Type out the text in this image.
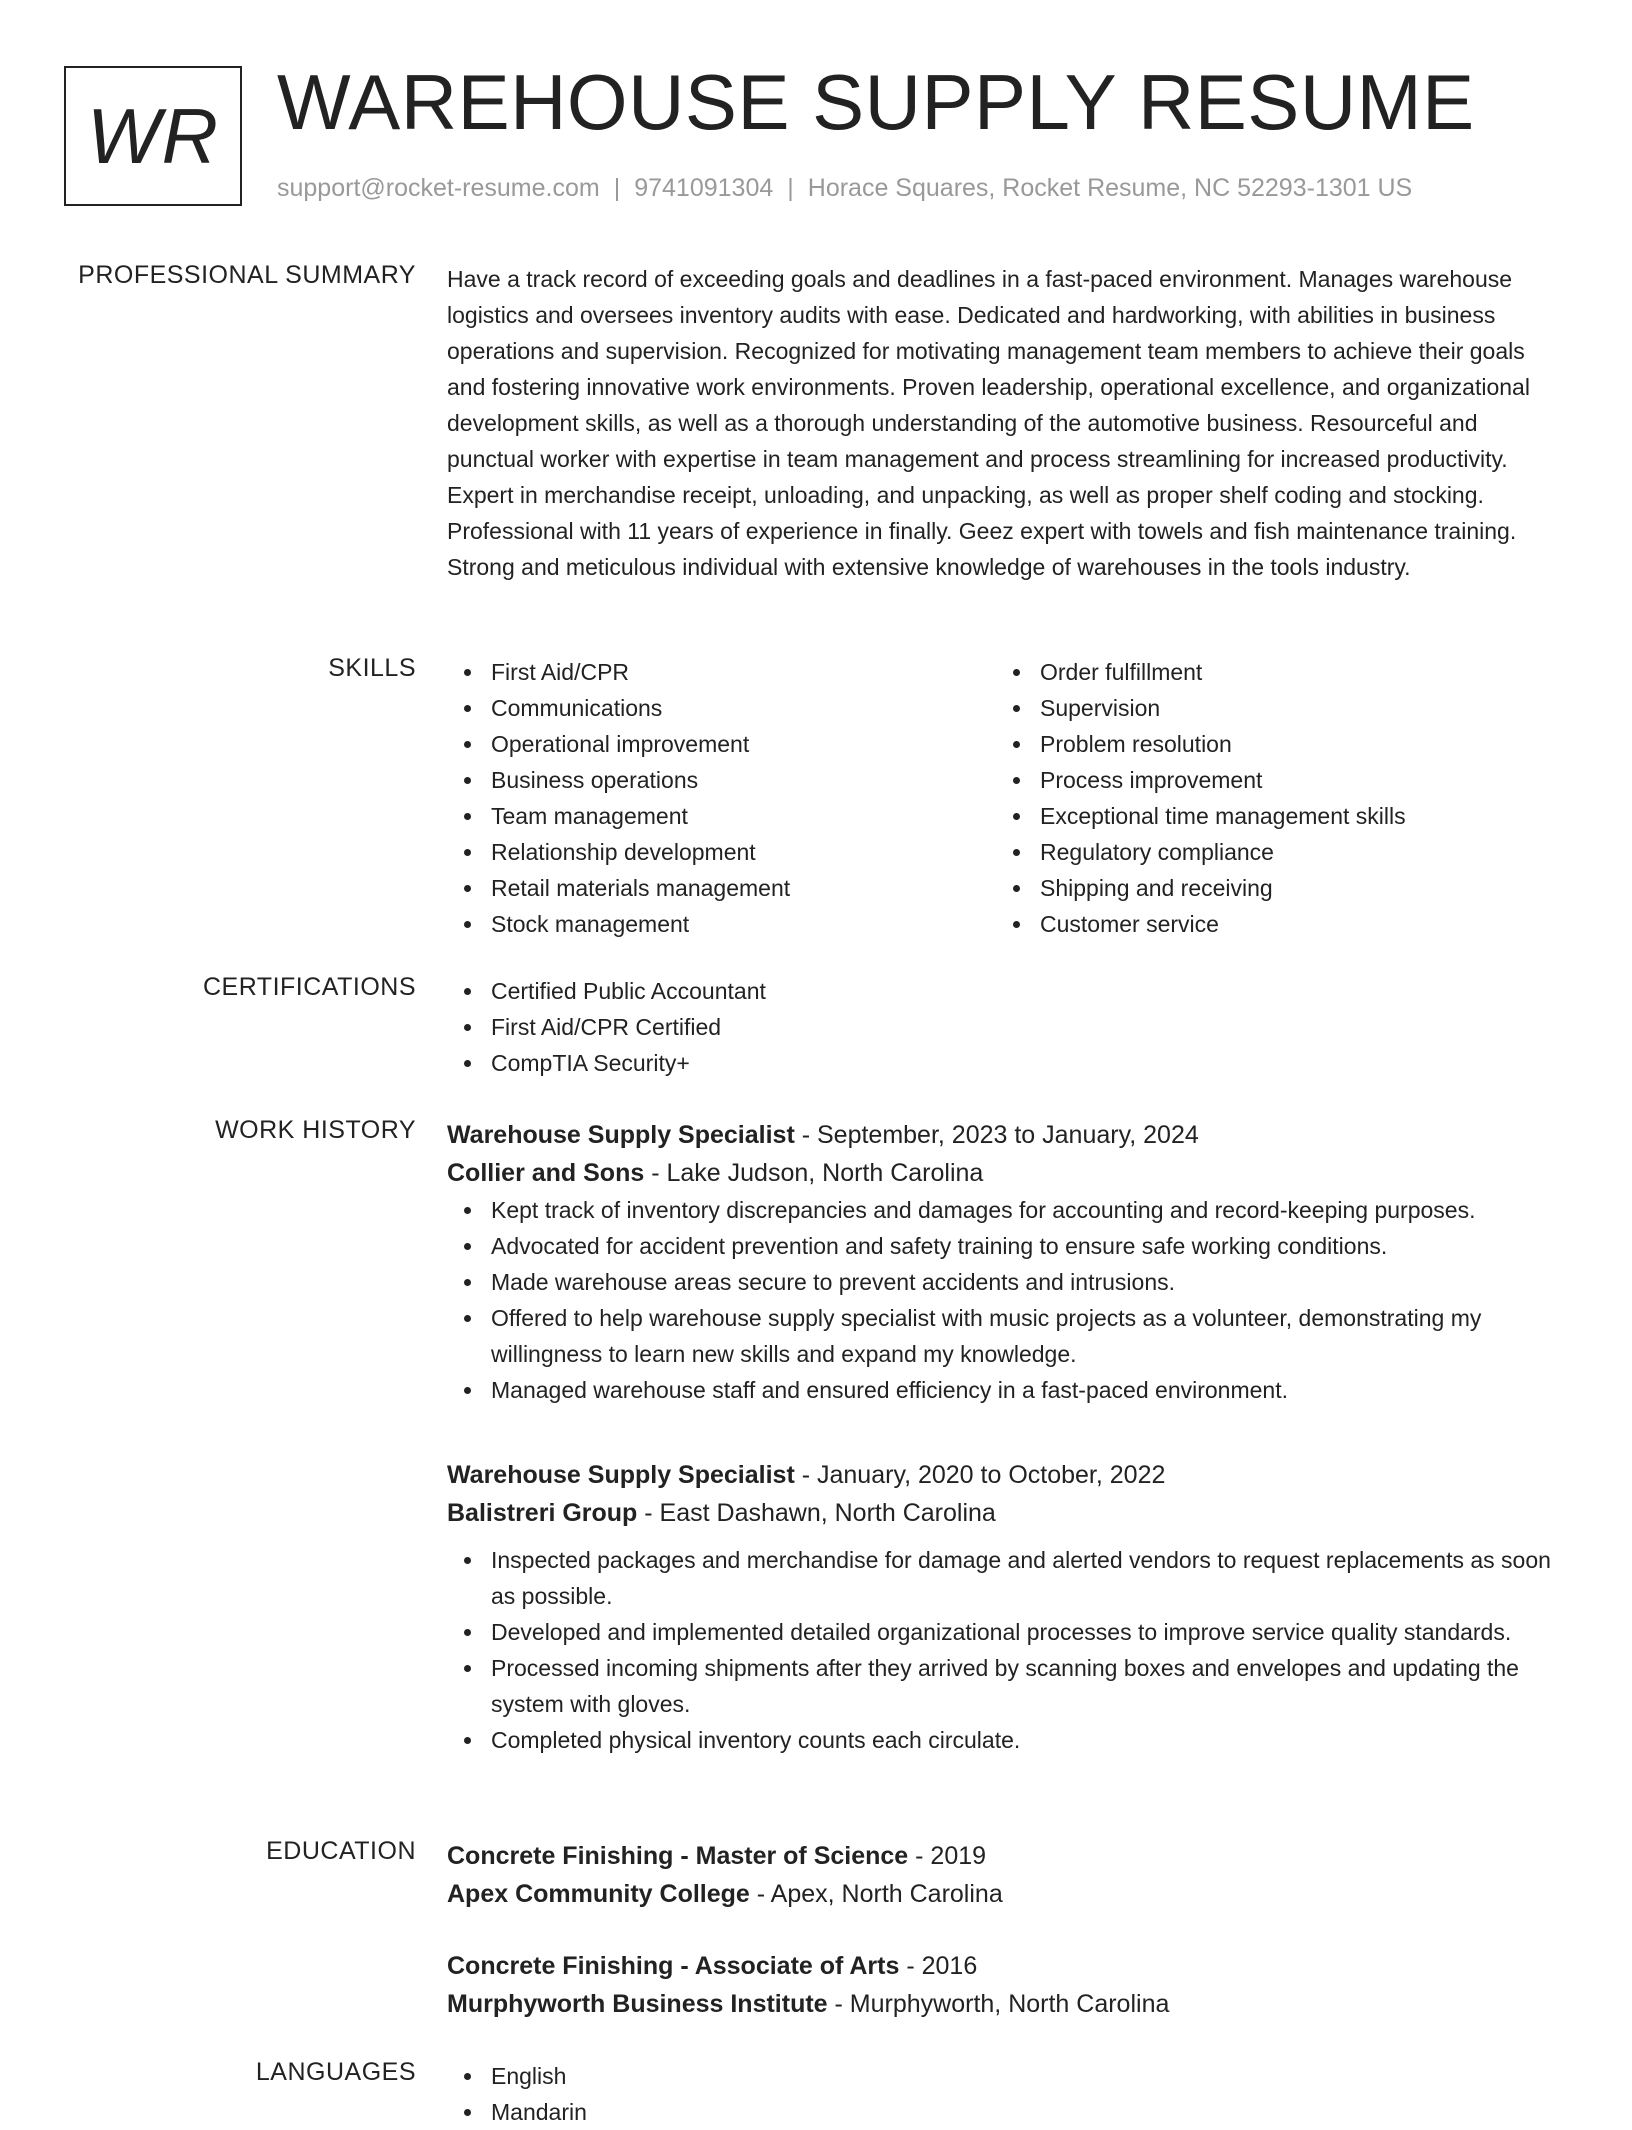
WR WAREHOUSE SUPPLY RESUME
support@rocket-resume.com | 9741091304 | Horace Squares, Rocket Resume, NC 52293-1301 US
PROFESSIONAL SUMMARY Have a track record of exceeding goals and deadlines in a fast-paced environment. Manages warehouse logistics and oversees inventory audits with ease. Dedicated and hardworking, with abilities in business operations and supervision. Recognized for motivating management team members to achieve their goals and fostering innovative work environments. Proven leadership, operational excellence, and organizational development skills, as well as a thorough understanding of the automotive business. Resourceful and punctual worker with expertise in team management and process streamlining for increased productivity. Expert in merchandise receipt, unloading, and unpacking, as well as proper shelf coding and stocking. Professional with 11 years of experience in finally. Geez expert with towels and fish maintenance training. Strong and meticulous individual with extensive knowledge of warehouses in the tools industry.

SKILLS	First Aid/CPR
Communications
Operational improvement
Business operations
Team management
Relationship development
Retail materials management
Stock management
Order fulfillment
Supervision
Problem resolution
Process improvement
Exceptional time management skills
Regulatory compliance
Shipping and receiving
Customer service
CERTIFICATIONS	Certified Public Accountant
First Aid/CPR Certified
CompTIA Security+
WORK HISTORY Warehouse Supply Specialist - September, 2023 to January, 2024
Collier and Sons - Lake Judson, North Carolina
Kept track of inventory discrepancies and damages for accounting and record-keeping purposes.
Advocated for accident prevention and safety training to ensure safe working conditions.
Made warehouse areas secure to prevent accidents and intrusions.
Offered to help warehouse supply specialist with music projects as a volunteer, demonstrating my willingness to learn new skills and expand my knowledge.
Managed warehouse staff and ensured efficiency in a fast-paced environment.
Warehouse Supply Specialist - January, 2020 to October, 2022
Balistreri Group - East Dashawn, North Carolina
Inspected packages and merchandise for damage and alerted vendors to request replacements as soon as possible.
Developed and implemented detailed organizational processes to improve service quality standards.
Processed incoming shipments after they arrived by scanning boxes and envelopes and updating the system with gloves.
Completed physical inventory counts each circulate.
EDUCATION Concrete Finishing - Master of Science - 2019
Apex Community College - Apex, North Carolina
Concrete Finishing - Associate of Arts - 2016
Murphyworth Business Institute - Murphyworth, North Carolina
LANGUAGES	English
Mandarin
